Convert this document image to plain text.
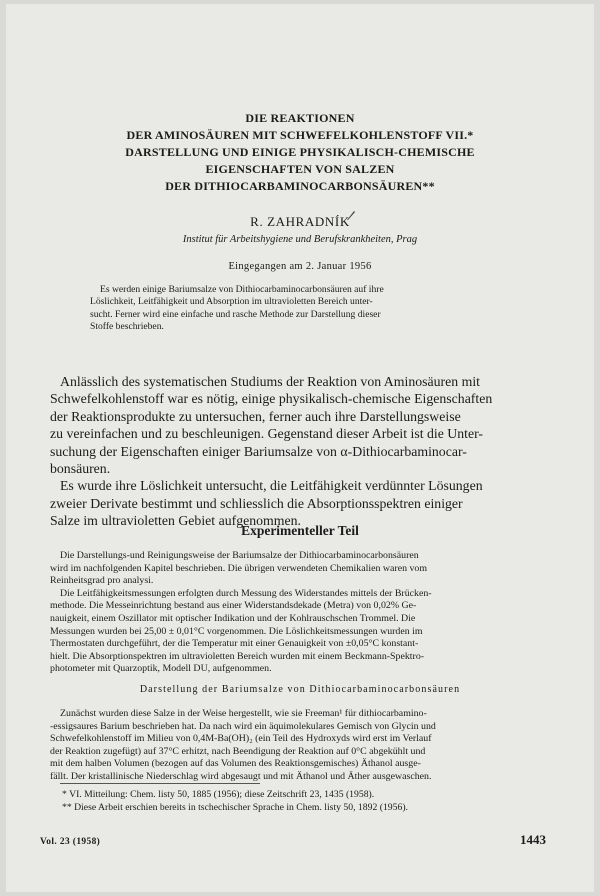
DIE REAKTIONEN
DER AMINOSÄUREN MIT SCHWEFELKOHLENSTOFF VII.*
DARSTELLUNG UND EINIGE PHYSIKALISCH-CHEMISCHE
EIGENSCHAFTEN VON SALZEN
DER DITHIOCARBAMINOCARBONSÄUREN**
R. ZAHRADNÍK
Institut für Arbeitshygiene und Berufskrankheiten, Prag
Eingegangen am 2. Januar 1956
Es werden einige Bariumsalze von Dithiocarbaminocarbonsäuren auf ihre
Löslichkeit, Leitfähigkeit und Absorption im ultravioletten Bereich unter-
sucht. Ferner wird eine einfache und rasche Methode zur Darstellung dieser
Stoffe beschrieben.
Anlässlich des systematischen Studiums der Reaktion von Aminosäuren mit
Schwefelkohlenstoff war es nötig, einige physikalisch-chemische Eigenschaften
der Reaktionsprodukte zu untersuchen, ferner auch ihre Darstellungsweise
zu vereinfachen und zu beschleunigen. Gegenstand dieser Arbeit ist die Unter-
suchung der Eigenschaften einiger Bariumsalze von α-Dithiocarbaminocar-
bonsäuren.
Es wurde ihre Löslichkeit untersucht, die Leitfähigkeit verdünnter Lösungen
zweier Derivate bestimmt und schliesslich die Absorptionsspektren einiger
Salze im ultravioletten Gebiet aufgenommen.
Experimenteller Teil
Die Darstellungs-und Reinigungsweise der Bariumsalze der Dithiocarbaminocarbonsäuren
wird im nachfolgenden Kapitel beschrieben. Die übrigen verwendeten Chemikalien waren vom
Reinheitsgrad pro analysi.
Die Leitfähigkeitsmessungen erfolgten durch Messung des Widerstandes mittels der Brücken-
methode. Die Messeinrichtung bestand aus einer Widerstandsdekade (Metra) von 0,02% Ge-
nauigkeit, einem Oszillator mit optischer Indikation und der Kohlrauschschen Trommel. Die
Messungen wurden bei 25,00 ± 0,01°C vorgenommen. Die Löslichkeitsmessungen wurden im
Thermostaten durchgeführt, der die Temperatur mit einer Genauigkeit von ±0,05°C konstant-
hielt. Die Absorptionspektren im ultravioletten Bereich wurden mit einem Beckmann-Spektro-
photometer mit Quarzoptik, Modell DU, aufgenommen.
Darstellung der Bariumsalze von Dithiocarbaminocarbonsäuren
Zunächst wurden diese Salze in der Weise hergestellt, wie sie Freeman¹ für dithiocarbamino-
-essigsaures Barium beschrieben hat. Da nach wird ein äquimolekulares Gemisch von Glycin und
Schwefelkohlenstoff im Milieu von 0,4M-Ba(OH)₂ (ein Teil des Hydroxyds wird erst im Verlauf
der Reaktion zugefügt) auf 37°C erhitzt, nach Beendigung der Reaktion auf 0°C abgekühlt und
mit dem halben Volumen (bezogen auf das Volumen des Reaktionsgemisches) Äthanol ausge-
fällt. Der kristallinische Niederschlag wird abgesaugt und mit Äthanol und Äther ausgewaschen.
* VI. Mitteilung: Chem. listy 50, 1885 (1956); diese Zeitschrift 23, 1435 (1958).
** Diese Arbeit erschien bereits in tschechischer Sprache in Chem. listy 50, 1892 (1956).
Vol. 23 (1958)	1443
